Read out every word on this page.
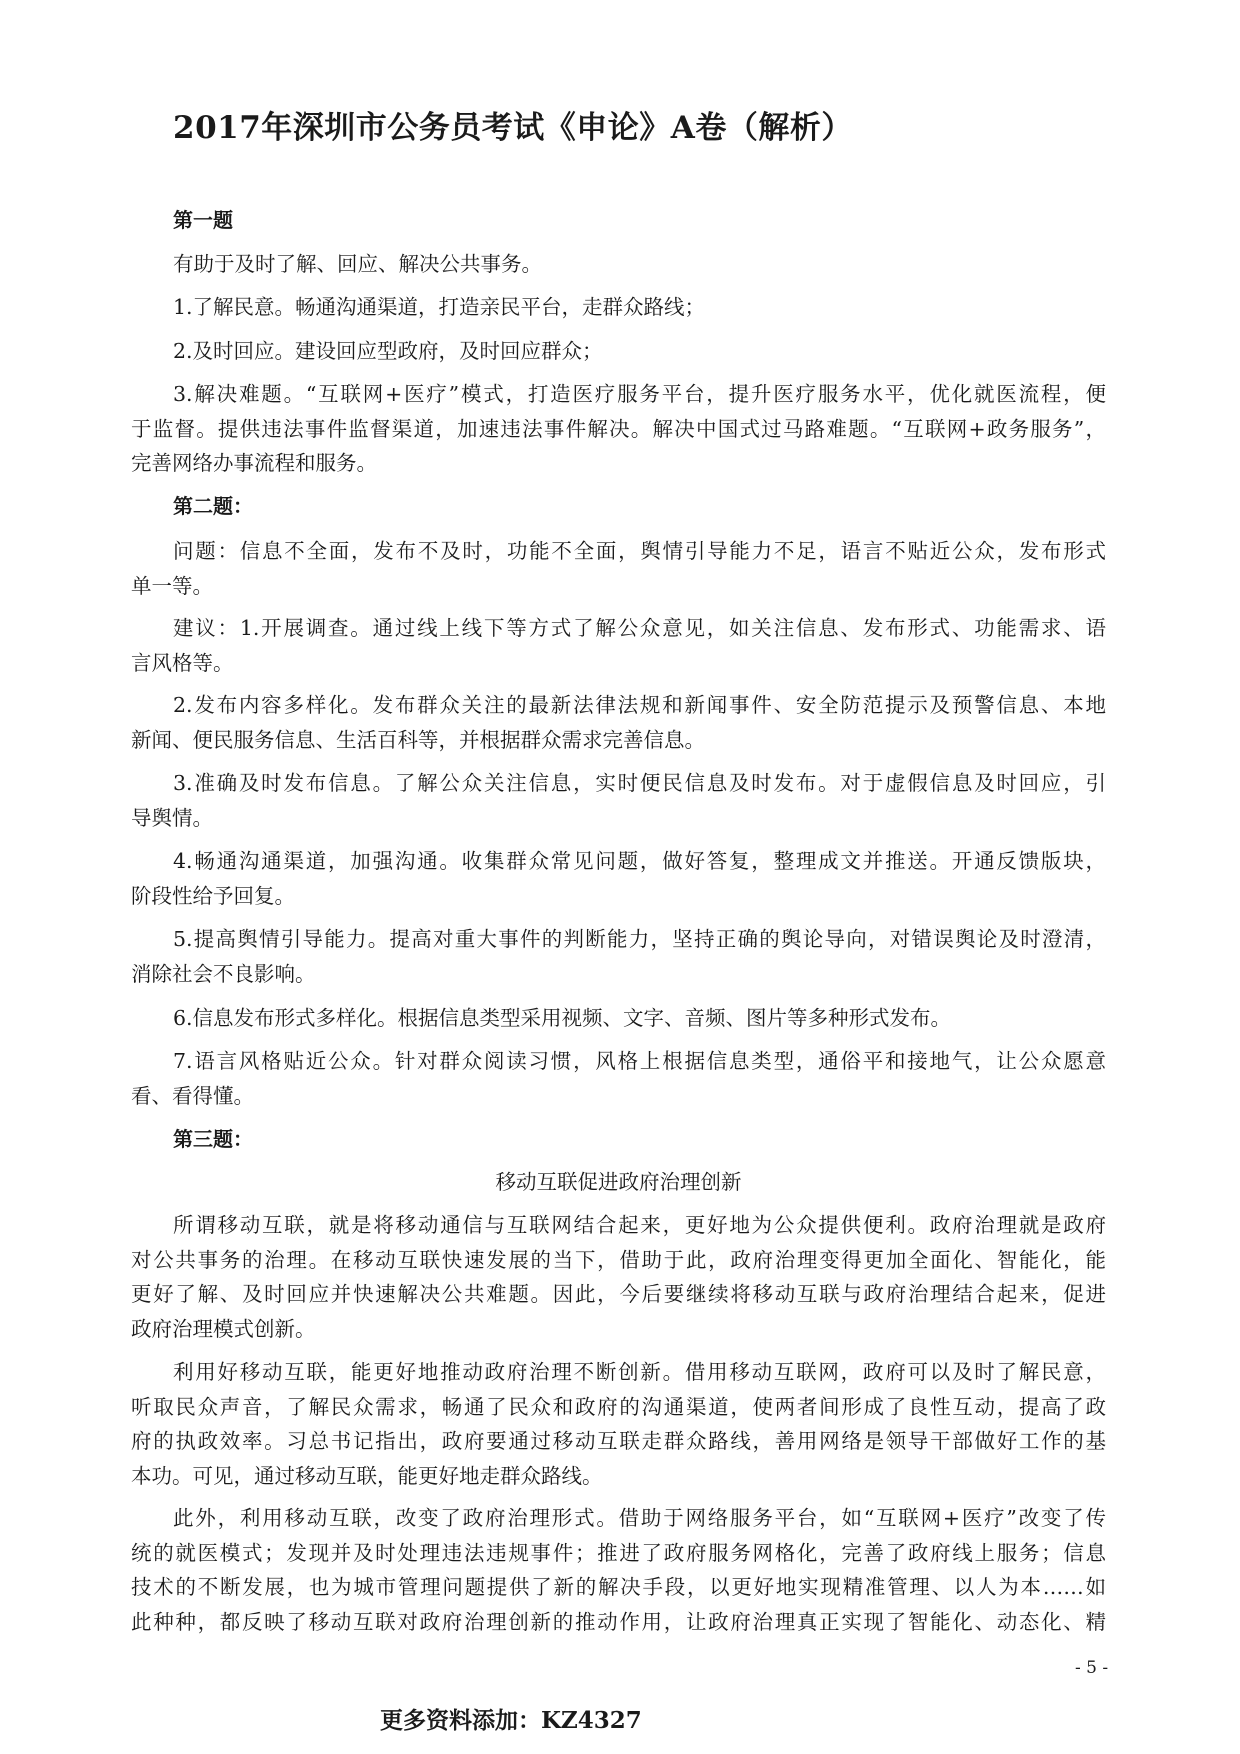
2017年深圳市公务员考试《申论》A卷（解析）
第一题
有助于及时了解、回应、解决公共事务。
1.了解民意。畅通沟通渠道，打造亲民平台，走群众路线；
2.及时回应。建设回应型政府，及时回应群众；
3.解决难题。“互联网+医疗”模式，打造医疗服务平台，提升医疗服务水平，优化就医流程，便
于监督。提供违法事件监督渠道，加速违法事件解决。解决中国式过马路难题。“互联网+政务服务”，
完善网络办事流程和服务。
第二题：
问题：信息不全面，发布不及时，功能不全面，舆情引导能力不足，语言不贴近公众，发布形式
单一等。
建议：1.开展调查。通过线上线下等方式了解公众意见，如关注信息、发布形式、功能需求、语
言风格等。
2.发布内容多样化。发布群众关注的最新法律法规和新闻事件、安全防范提示及预警信息、本地
新闻、便民服务信息、生活百科等，并根据群众需求完善信息。
3.准确及时发布信息。了解公众关注信息，实时便民信息及时发布。对于虚假信息及时回应，引
导舆情。
4.畅通沟通渠道，加强沟通。收集群众常见问题，做好答复，整理成文并推送。开通反馈版块，
阶段性给予回复。
5.提高舆情引导能力。提高对重大事件的判断能力，坚持正确的舆论导向，对错误舆论及时澄清，
消除社会不良影响。
6.信息发布形式多样化。根据信息类型采用视频、文字、音频、图片等多种形式发布。
7.语言风格贴近公众。针对群众阅读习惯，风格上根据信息类型，通俗平和接地气，让公众愿意
看、看得懂。
第三题：
移动互联促进政府治理创新
所谓移动互联，就是将移动通信与互联网结合起来，更好地为公众提供便利。政府治理就是政府
对公共事务的治理。在移动互联快速发展的当下，借助于此，政府治理变得更加全面化、智能化，能
更好了解、及时回应并快速解决公共难题。因此，今后要继续将移动互联与政府治理结合起来，促进
政府治理模式创新。
利用好移动互联，能更好地推动政府治理不断创新。借用移动互联网，政府可以及时了解民意，
听取民众声音，了解民众需求，畅通了民众和政府的沟通渠道，使两者间形成了良性互动，提高了政
府的执政效率。习总书记指出，政府要通过移动互联走群众路线，善用网络是领导干部做好工作的基
本功。可见，通过移动互联，能更好地走群众路线。
此外，利用移动互联，改变了政府治理形式。借助于网络服务平台，如“互联网+医疗”改变了传
统的就医模式；发现并及时处理违法违规事件；推进了政府服务网格化，完善了政府线上服务；信息
技术的不断发展，也为城市管理问题提供了新的解决手段，以更好地实现精准管理、以人为本……如
此种种，都反映了移动互联对政府治理创新的推动作用，让政府治理真正实现了智能化、动态化、精
- 5 -
更多资料添加：KZ4327
